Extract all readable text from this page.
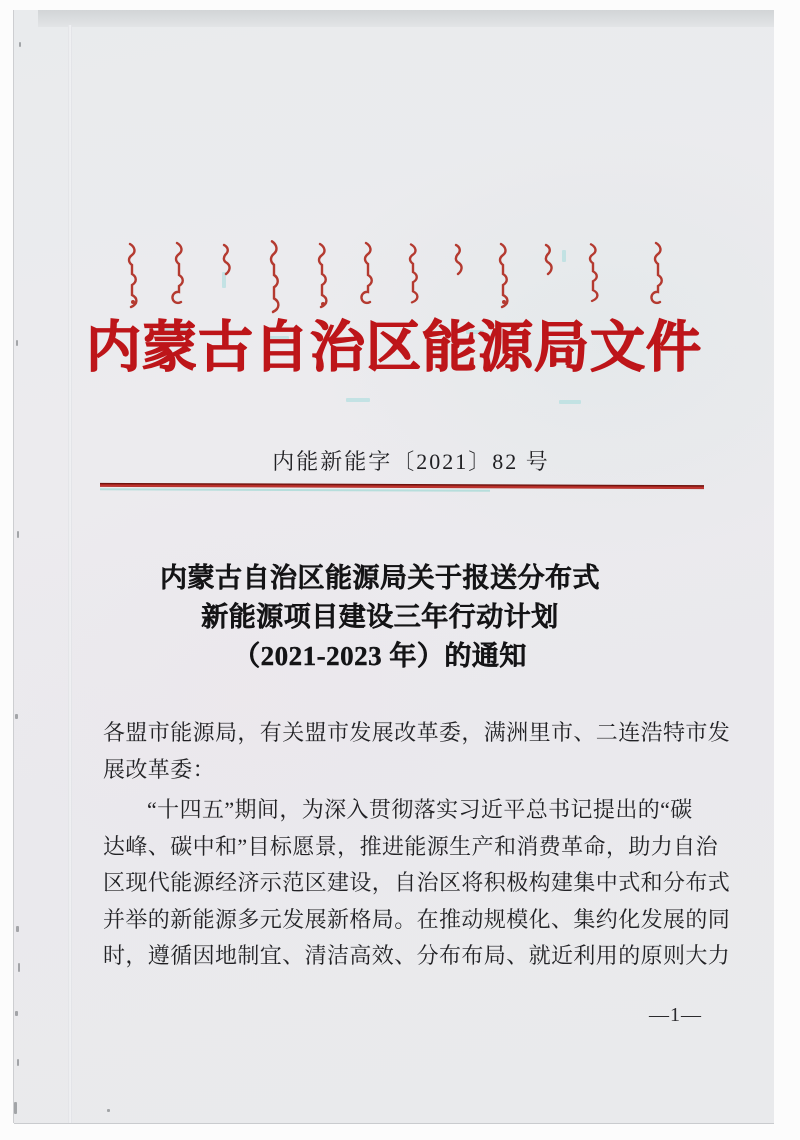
内蒙古自治区能源局文件
内能新能字〔2021〕82 号
内蒙古自治区能源局关于报送分布式
新能源项目建设三年行动计划
（2021-2023 年）的通知
各盟市能源局，有关盟市发展改革委，满洲里市、二连浩特市发
展改革委：
“十四五”期间，为深入贯彻落实习近平总书记提出的“碳
达峰、碳中和”目标愿景，推进能源生产和消费革命，助力自治
区现代能源经济示范区建设，自治区将积极构建集中式和分布式
并举的新能源多元发展新格局。在推动规模化、集约化发展的同
时，遵循因地制宜、清洁高效、分布布局、就近利用的原则大力
—1—
